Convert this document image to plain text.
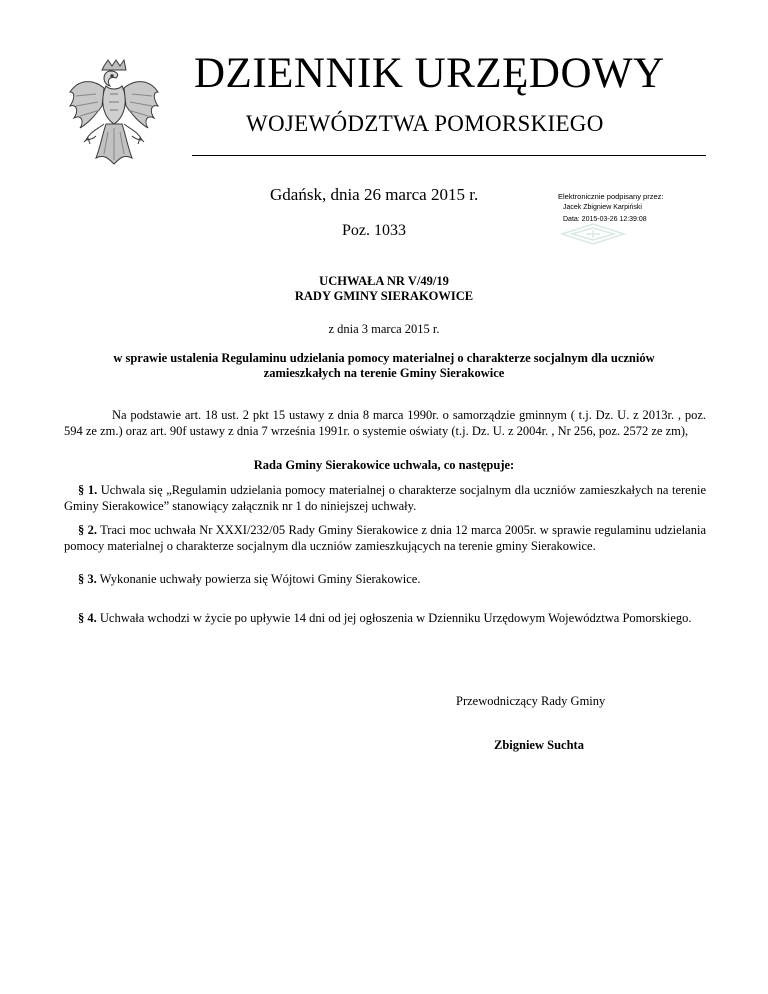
DZIENNIK URZĘDOWY
WOJEWÓDZTWA POMORSKIEGO
Gdańsk, dnia 26 marca 2015 r.
Poz. 1033
Elektronicznie podpisany przez:
Jacek Zbigniew Karpiński
Data: 2015-03-26 12:39:08
UCHWAŁA NR V/49/19
RADY GMINY SIERAKOWICE
z dnia 3 marca 2015 r.
w sprawie ustalenia Regulaminu udzielania pomocy materialnej o charakterze socjalnym dla uczniów
zamieszkałych na terenie Gminy Sierakowice
Na podstawie art. 18 ust. 2 pkt 15 ustawy z dnia 8 marca 1990r. o samorządzie gminnym ( t.j. Dz. U. z 2013r. , poz. 594 ze zm.) oraz art. 90f ustawy z dnia 7 września 1991r. o systemie oświaty (t.j. Dz. U. z 2004r. , Nr 256, poz. 2572 ze zm),
Rada Gminy Sierakowice uchwala, co następuje:
§ 1. Uchwala się „Regulamin udzielania pomocy materialnej o charakterze socjalnym dla uczniów zamieszkałych na terenie Gminy Sierakowice” stanowiący załącznik nr 1 do niniejszej uchwały.
§ 2. Traci moc uchwała Nr XXXI/232/05 Rady Gminy Sierakowice z dnia 12 marca 2005r. w sprawie regulaminu udzielania pomocy materialnej o charakterze socjalnym dla uczniów zamieszkujących na terenie gminy Sierakowice.
§ 3. Wykonanie uchwały powierza się Wójtowi Gminy Sierakowice.
§ 4. Uchwała wchodzi w życie po upływie 14 dni od jej ogłoszenia w Dzienniku Urzędowym Województwa Pomorskiego.
Przewodniczący Rady Gminy
Zbigniew Suchta
